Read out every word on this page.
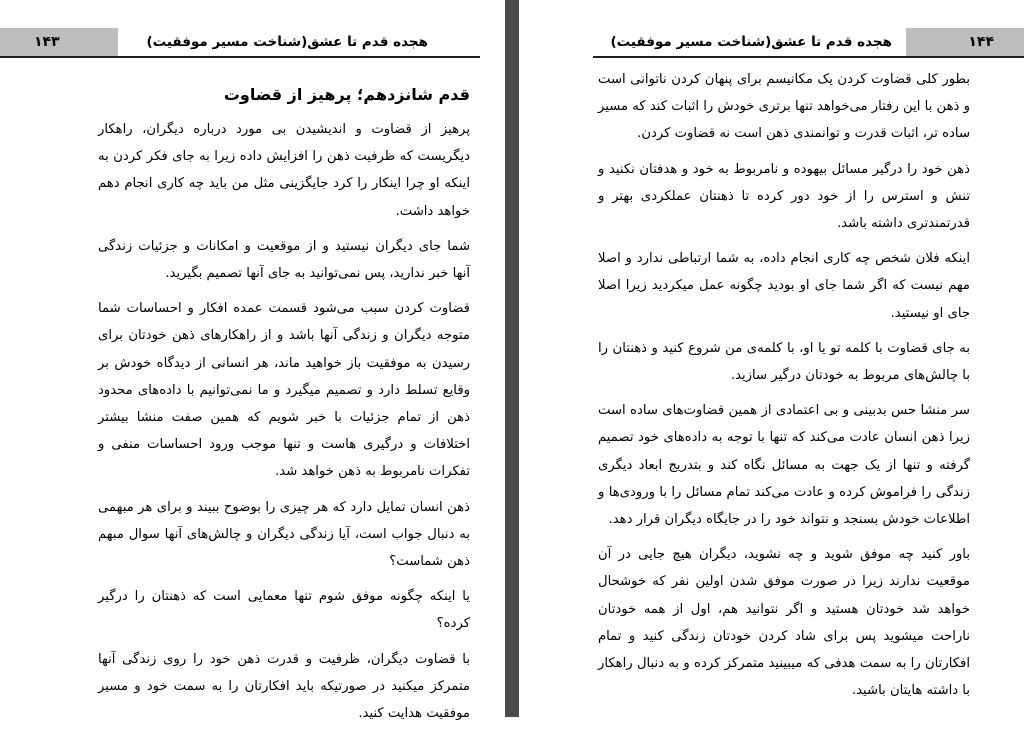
۱۴۳	هجده قدم تا عشق(شناخت مسیر موفقیت)
قدم شانزدهم؛ پرهیز از قضاوت

پرهیز از قضاوت و اندیشیدن بی مورد درباره دیگران، راهکار دیگریست که ظرفیت ذهن را افزایش داده زیرا به جای فکر کردن به اینکه او چرا اینکار را کرد جایگزینی مثل من باید چه کاری انجام دهم خواهد داشت.

شما جای دیگران نیستید و از موقعیت و امکانات و جزئیات زندگی آنها خبر ندارید، پس نمی‌توانید به جای آنها تصمیم بگیرید.

قضاوت کردن سبب می‌شود قسمت عمده افکار و احساسات شما متوجه دیگران و زندگی آنها باشد و از راهکارهای ذهن خودتان برای رسیدن به موفقیت باز خواهید ماند، هر انسانی از دیدگاه خودش بر وقایع تسلط دارد و تصمیم میگیرد و ما نمی‌توانیم با داده‌های محدود ذهن از تمام جزئیات با خبر شویم که همین صفت منشا بیشتر اختلافات و درگیری هاست و تنها موجب ورود احساسات منفی و تفکرات نامربوط به ذهن خواهد شد.

ذهن انسان تمایل دارد که هر چیزی را بوضوح ببیند و برای هر مبهمی به دنبال جواب است، آیا زندگی دیگران و چالش‌های آنها سوال مبهم ذهن شماست؟

یا اینکه چگونه موفق شوم تنها معمایی است که ذهنتان را درگیر کرده؟

با قضاوت دیگران، ظرفیت و قدرت ذهن خود را روی زندگی آنها متمرکز میکنید در صورتیکه باید افکارتان را به سمت خود و مسیر موفقیت هدایت کنید.

هجده قدم تا عشق(شناخت مسیر موفقیت)	۱۴۴

بطور کلی قضاوت کردن یک مکانیسم برای پنهان کردن ناتوانی است و ذهن با این رفتار می‌خواهد تنها برتری خودش را اثبات کند که مسیر ساده تر، اثبات قدرت و توانمندی ذهن است نه قضاوت کردن.

ذهن خود را درگیر مسائل بیهوده و نامربوط به خود و هدفتان نکنید و تنش و استرس را از خود دور کرده تا ذهنتان عملکردی بهتر و قدرتمندتری داشته باشد.

اینکه فلان شخص چه کاری انجام داده، به شما ارتباطی ندارد و اصلا مهم نیست که اگر شما جای او بودید چگونه عمل میکردید زیرا اصلا جای او نیستید.

به جای قضاوت با کلمه تو یا او، با کلمه‌ی من شروع کنید و ذهنتان را با چالش‌های مربوط به خودتان درگیر سازید.

سر منشا حس بدبینی و بی اعتمادی از همین قضاوت‌های ساده است زیرا ذهن انسان عادت می‌کند که تنها با توجه به داده‌های خود تصمیم گرفته و تنها از یک جهت به مسائل نگاه کند و بتدریج ابعاد دیگری زندگی را فراموش کرده و عادت می‌کند تمام مسائل را با ورودی‌ها و اطلاعات خودش بسنجد و نتواند خود را در جایگاه دیگران قرار دهد.

باور کنید چه موفق شوید و چه نشوید، دیگران هیچ جایی در آن موقعیت ندارند زیرا در صورت موفق شدن اولین نفر که خوشحال خواهد شد خودتان هستید و اگر نتوانید هم، اول از همه خودتان ناراحت میشوید پس برای شاد کردن خودتان زندگی کنید و تمام افکارتان را به سمت هدفی که میبینید متمرکز کرده و به دنبال راهکار با داشته هایتان باشید.
